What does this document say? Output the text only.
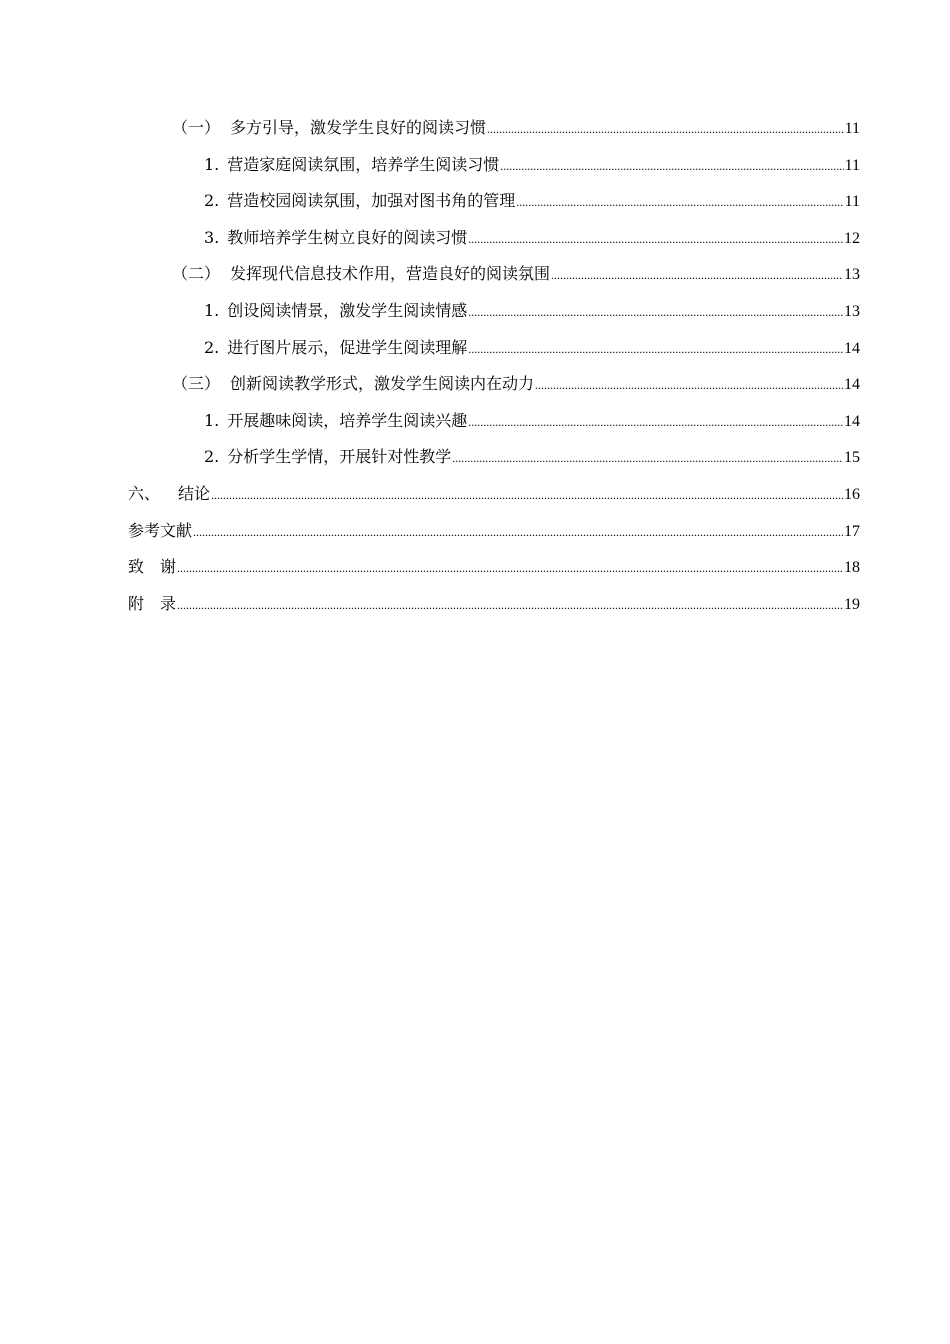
（一） 多方引导，激发学生良好的阅读习惯 .....	11
1. 营造家庭阅读氛围，培养学生阅读习惯 .....	11
2. 营造校园阅读氛围，加强对图书角的管理 .....	11
3. 教师培养学生树立良好的阅读习惯 .....	12
（二） 发挥现代信息技术作用，营造良好的阅读氛围 .....	13
1. 创设阅读情景，激发学生阅读情感 .....	13
2. 进行图片展示，促进学生阅读理解 .....	14
（三） 创新阅读教学形式，激发学生阅读内在动力 .....	14
1. 开展趣味阅读，培养学生阅读兴趣 .....	14
2. 分析学生学情，开展针对性教学 .....	15
六、 结论 .....	16
参考文献 .....	17
致　谢 .....	18
附　录 .....	19
